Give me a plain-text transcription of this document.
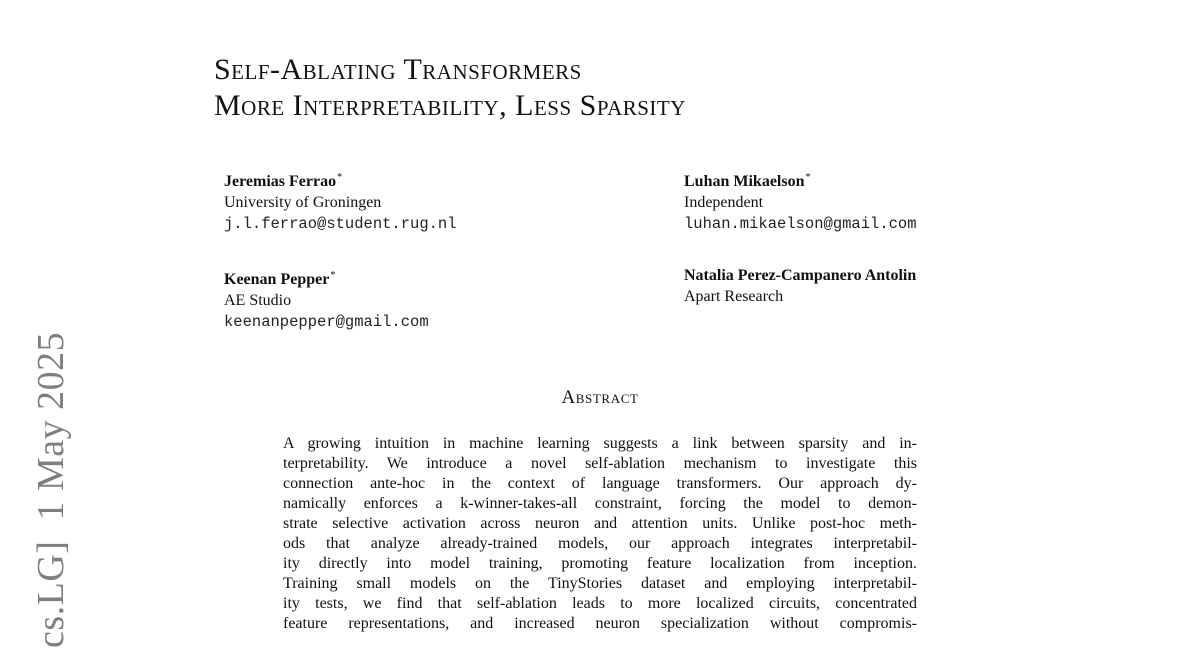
cs.LG]  1 May 2025
Self-Ablating Transformers
More Interpretability, Less Sparsity
Jeremias Ferrao*
University of Groningen
j.l.ferrao@student.rug.nl
Luhan Mikaelson*
Independent
luhan.mikaelson@gmail.com
Keenan Pepper*
AE Studio
keenanpepper@gmail.com
Natalia Perez-Campanero Antolin
Apart Research
Abstract
A growing intuition in machine learning suggests a link between sparsity and in-
terpretability. We introduce a novel self-ablation mechanism to investigate this
connection ante-hoc in the context of language transformers. Our approach dy-
namically enforces a k-winner-takes-all constraint, forcing the model to demon-
strate selective activation across neuron and attention units. Unlike post-hoc meth-
ods that analyze already-trained models, our approach integrates interpretabil-
ity directly into model training, promoting feature localization from inception.
Training small models on the TinyStories dataset and employing interpretabil-
ity tests, we find that self-ablation leads to more localized circuits, concentrated
feature representations, and increased neuron specialization without compromis-
